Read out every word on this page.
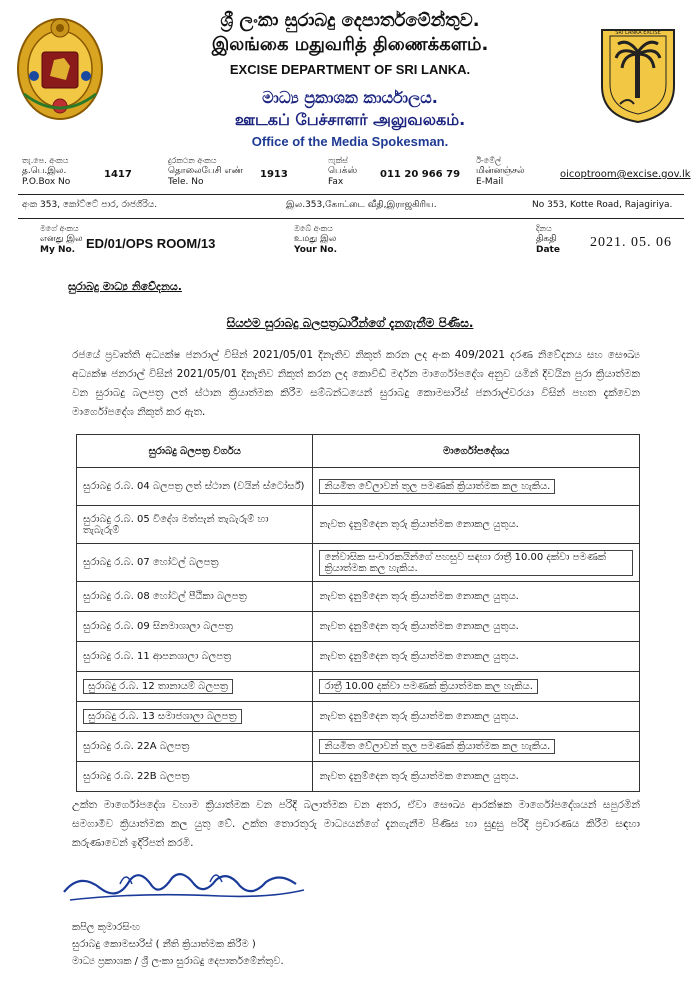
SRI LANKA EXCISE
ශ්‍රී ලංකා සුරාබදු දෙපාර්තමේන්තුව.
இலங்கை மதுவரித் திணைக்களம்.
EXCISE DEPARTMENT OF SRI LANKA.
මාධ්‍ය ප්‍රකාශක කාර්යාලය.
ஊடகப் பேச்சாளர் அலுவலகம்.
Office of the Media Spokesman.
තැ.පෙ. අංකය
த.பெ.இல.
P.O.Box No
1417
දුරකථන අංකය
தொலைபேசி எண்
Tele. No
1913
ෆැක්ස්
பெக்ஸ்
Fax
011 20 966 79
ඊ-මේල්
மின்னஞ்சல்
E-Mail
oicoptroom@excise.gov.lk
අංක 353, කෝට්ටේ පාර, රාජගිරිය.	இல.353,கோட்டை வீதி,இராஜகிரிய.	No 353, Kotte Road, Rajagiriya.
මගේ අංකය
எனது இல
My No. ED/01/OPS ROOM/13
ඔබේ අංකය
உமது இல
Your No.
දිනය
திகதி
Date	2021. 05. 06
සුරාබදු මාධ්‍ය නිවේදනය.
සියළුම සුරාබදු බලපත්‍රධාරීන්ගේ දැනගැනීම පිණිස.
රජයේ ප්‍රවෘත්ති අධ්‍යක්ෂ ජනරාල් විසින් 2021/05/01 දිනැතිව නිකුත් කරන ලද අංක 409/2021 දරණ නිවේදනය සහ සෞඛ්‍ය අධ්‍යක්ෂ ජනරාල් විසින් 2021/05/01 දිනැතිව නිකුත් කරන ලද කොවිඩ් මර්දන මාර්ගෝපදේශ අනුව යමින් දිවයින පුරා ක්‍රියාත්මක වන සුරාබදු බලපත්‍ර ලත් ස්ථාන ක්‍රියාත්මක කිරීම සම්බන්ධයෙන් සුරාබදු කොමසාරිස් ජනරාල්වරයා විසින් පහත දැක්වෙන මාර්ගෝපදේශ නිකුත් කර ඇත.
සුරාබදු බලපත්‍ර වර්ගය	මාර්ගෝපදේශය
සුරාබදු ර.බ. 04 බලපත්‍ර ලත් ස්ථාන (වයින් ස්ටෝර්ස්)	නියමිත වේලාවන් තුල පමණක් ක්‍රියාත්මක කල හැකිය.
සුරාබදු ර.බ. 05 විදේශ මත්පැන් තැබැරුම් හා තැබැරුම්	නැවත දැනුම්දෙන තුරු ක්‍රියාත්මක නොකල යුතුය.
සුරාබදු ර.බ. 07 හෝටල් බලපත්‍ර	නේවාසික සංචාරකයින්ගේ පහසුව සඳහා රාත්‍රී 10.00 දක්වා පමණක් ක්‍රියාත්මක කල හැකිය.
සුරාබදු ර.බ. 08 හෝටල් පීඨිකා බලපත්‍ර	නැවත දැනුම්දෙන තුරු ක්‍රියාත්මක නොකල යුතුය.
සුරාබදු ර.බ. 09 සිනමාශාලා බලපත්‍ර	නැවත දැනුම්දෙන තුරු ක්‍රියාත්මක නොකල යුතුය.
සුරාබදු ර.බ. 11 ආපනශාලා බලපත්‍ර	නැවත දැනුම්දෙන තුරු ක්‍රියාත්මක නොකල යුතුය.
සුරාබදු ර.බ. 12 තානායම් බලපත්‍ර	රාත්‍රී 10.00 දක්වා පමණක් ක්‍රියාත්මක කල හැකිය.
සුරාබදු ර.බ. 13 සමාජශාලා බලපත්‍ර	නැවත දැනුම්දෙන තුරු ක්‍රියාත්මක නොකල යුතුය.
සුරාබදු ර.බ. 22A බලපත්‍ර	නියමිත වේලාවන් තුල පමණක් ක්‍රියාත්මක කල හැකිය.
සුරාබදු ර.බ. 22B බලපත්‍ර	නැවත දැනුම්දෙන තුරු ක්‍රියාත්මක නොකල යුතුය.
උක්ත මාර්ගෝපදේශ වහාම ක්‍රියාත්මක වන පරිදි බලාත්මක වන අතර, ඒවා සෞඛ්‍ය ආරක්ෂක මාර්ගෝපදේශයන් සපුරමින් සමගාමීව ක්‍රියාත්මක කල යුතු වේ. උක්ත තොරතුරු මාධ්‍යයන්ගේ දැනගැනීම පිණිස හා සුදුසු පරිදි ප්‍රචාරණය කිරීම සඳහා කරුණාවෙන් ඉදිරිපත් කරමි.
කපිල කුමාරසිංහ
සුරාබදු කොමසාරිස් ( නීති ක්‍රියාත්මක කිරීම )
මාධ්‍ය ප්‍රකාශක / ශ්‍රී ලංකා සුරාබදු දෙපාර්තමේන්තුව.
